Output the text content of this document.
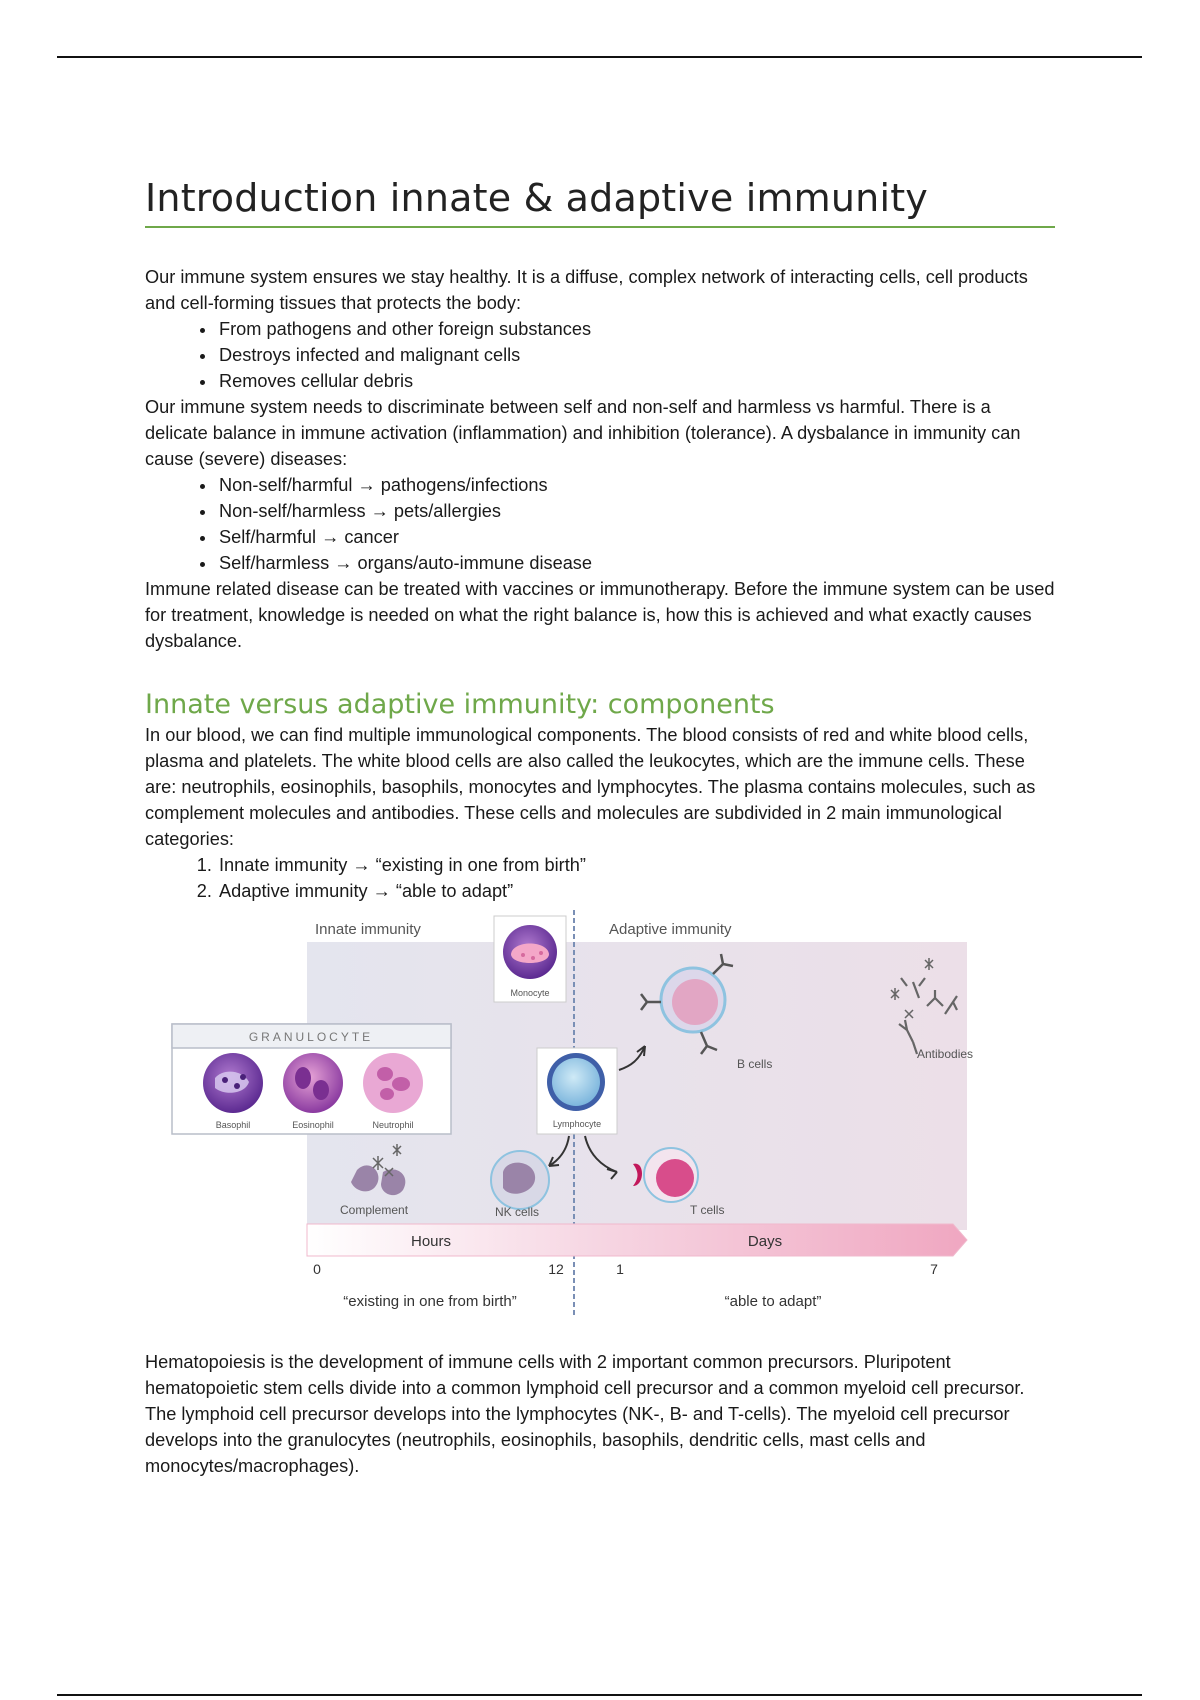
Introduction innate & adaptive immunity

Our immune system ensures we stay healthy. It is a diffuse, complex network of interacting cells, cell products and cell-forming tissues that protects the body:

• From pathogens and other foreign substances
• Destroys infected and malignant cells
• Removes cellular debris

Our immune system needs to discriminate between self and non-self and harmless vs harmful. There is a delicate balance in immune activation (inflammation) and inhibition (tolerance). A dysbalance in immunity can cause (severe) diseases:

• Non-self/harmful → pathogens/infections
• Non-self/harmless → pets/allergies
• Self/harmful → cancer
• Self/harmless → organs/auto-immune disease

Immune related disease can be treated with vaccines or immunotherapy. Before the immune system can be used for treatment, knowledge is needed on what the right balance is, how this is achieved and what exactly causes dysbalance.

Innate versus adaptive immunity: components

In our blood, we can find multiple immunological components. The blood consists of red and white blood cells, plasma and platelets. The white blood cells are also called the leukocytes, which are the immune cells. These are: neutrophils, eosinophils, basophils, monocytes and lymphocytes. The plasma contains molecules, such as complement molecules and antibodies. These cells and molecules are subdivided in 2 main immunological categories:

1. Innate immunity → “existing in one from birth”
2. Adaptive immunity → “able to adapt”
Innate immunity	Adaptive immunity
Monocyte
GRANULOCYTE
Basophil	Eosinophil	Neutrophil	Lymphocyte
B cells
T cells
NK cells
Complement
Antibodies
Hours	Days
0	12	1	7
“existing in one from birth”	“able to adapt”

Hematopoiesis is the development of immune cells with 2 important common precursors. Pluripotent hematopoietic stem cells divide into a common lymphoid cell precursor and a common myeloid cell precursor. The lymphoid cell precursor develops into the lymphocytes (NK-, B- and T-cells). The myeloid cell precursor develops into the granulocytes (neutrophils, eosinophils, basophils, dendritic cells, mast cells and monocytes/macrophages).
